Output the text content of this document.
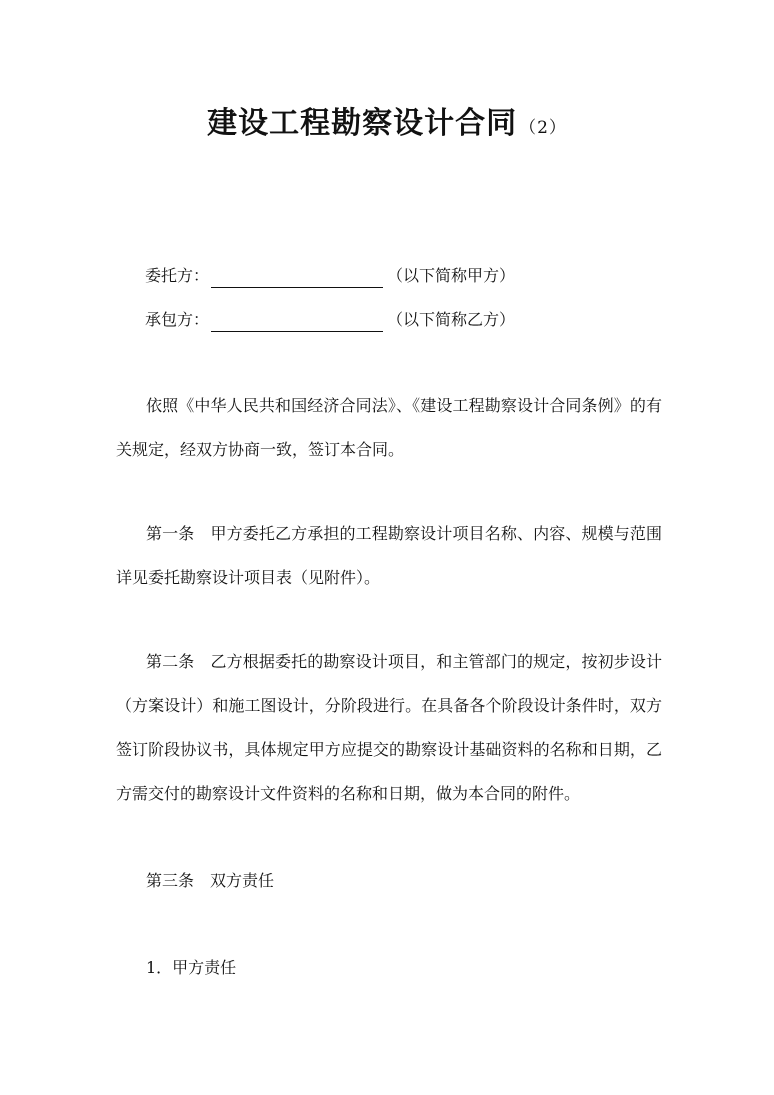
建设工程勘察设计合同 （2）
委托方：	（以下简称甲方）
承包方：	（以下简称乙方）

依照《中华人民共和国经济合同法》、《建设工程勘察设计合同条例》的有关规定，经双方协商一致，签订本合同。

第一条 甲方委托乙方承担的工程勘察设计项目名称、内容、规模与范围详见委托勘察设计项目表（见附件）。

第二条 乙方根据委托的勘察设计项目，和主管部门的规定，按初步设计（方案设计）和施工图设计，分阶段进行。在具备各个阶段设计条件时，双方签订阶段协议书，具体规定甲方应提交的勘察设计基础资料的名称和日期，乙方需交付的勘察设计文件资料的名称和日期，做为本合同的附件。

第三条 双方责任
1．甲方责任
